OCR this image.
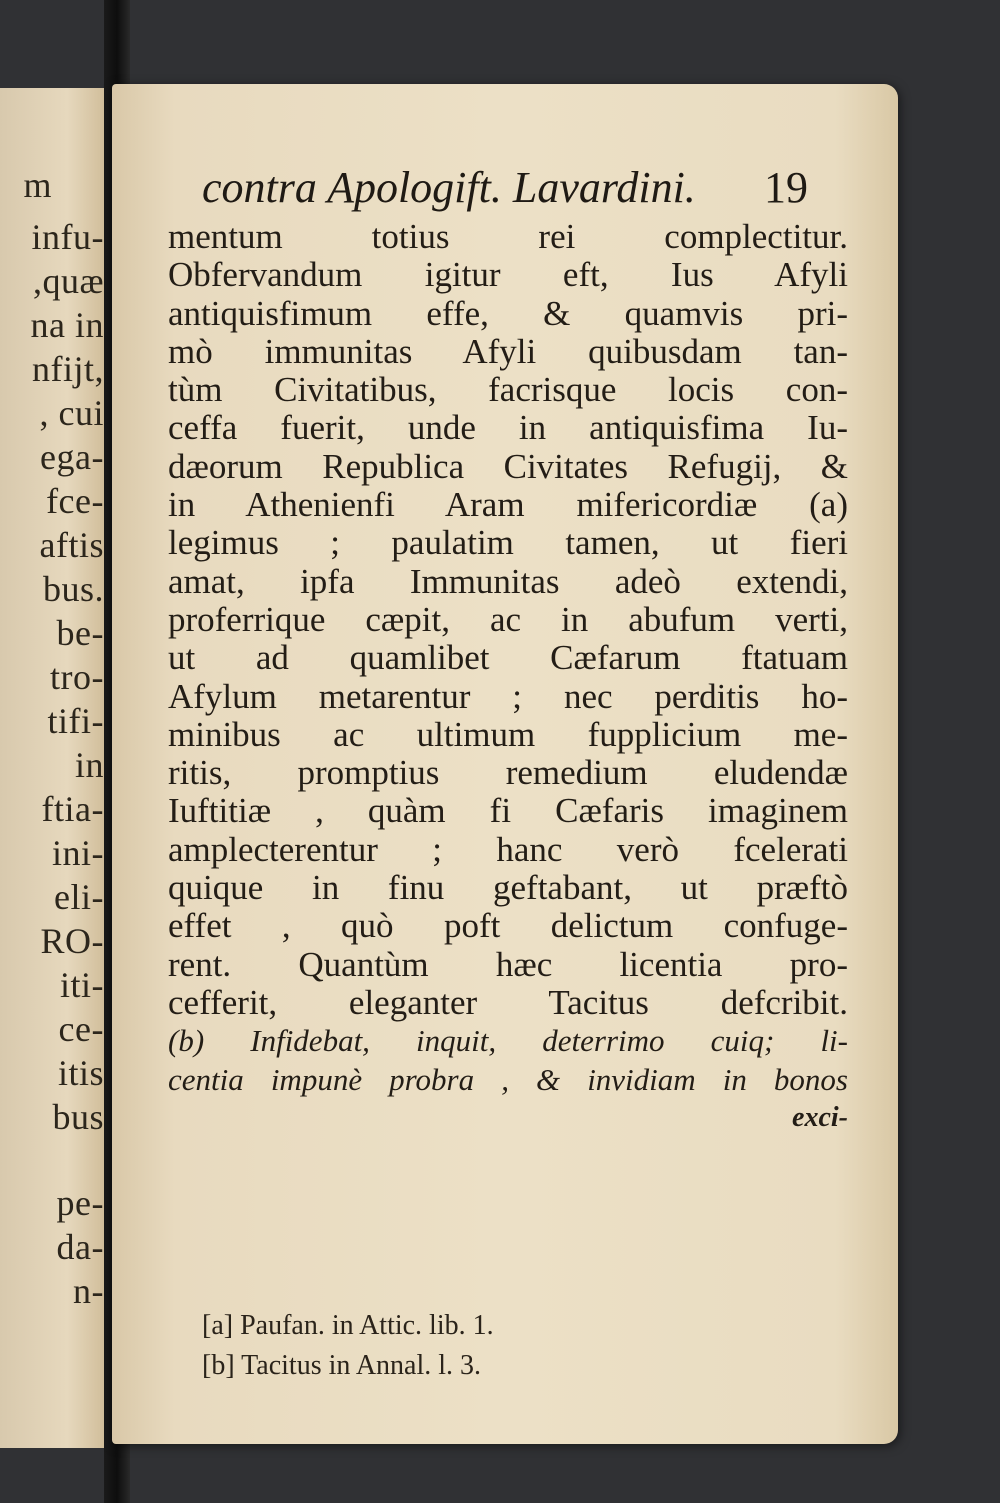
m
infu-
,quæ
na in
nfijt,
, cui
ega-
fce-
aftis
bus.
be-
tro-
tifi-
in
ftia-
ini-
eli-
RO-
iti-
ce-
itis
bus
pe-
da-
n-
contra Apologift. Lavardini.	19
mentum totius rei complectitur.
Obfervandum igitur eft, Ius Afyli
antiquisfimum effe, & quamvis pri-
mò immunitas Afyli quibusdam tan-
tùm Civitatibus, facrisque locis con-
ceffa fuerit, unde in antiquisfima Iu-
dæorum Republica Civitates Refugij, &
in Athenienfi Aram mifericordiæ (a)
legimus ; paulatim tamen, ut fieri
amat, ipfa Immunitas adeò extendi,
proferrique cæpit, ac in abufum verti,
ut ad quamlibet Cæfarum ftatuam
Afylum metarentur ; nec perditis ho-
minibus ac ultimum fupplicium me-
ritis, promptius remedium eludendæ
Iuftitiæ , quàm fi Cæfaris imaginem
amplecterentur ; hanc verò fcelerati
quique in finu geftabant, ut præftò
effet , quò poft delictum confuge-
rent. Quantùm hæc licentia pro-
cefferit, eleganter Tacitus defcribit.
(b) Infidebat, inquit, deterrimo cuiq; li-
centia impunè probra , & invidiam in bonos
exci-
[a] Paufan. in Attic. lib. 1.
[b] Tacitus in Annal. l. 3.
